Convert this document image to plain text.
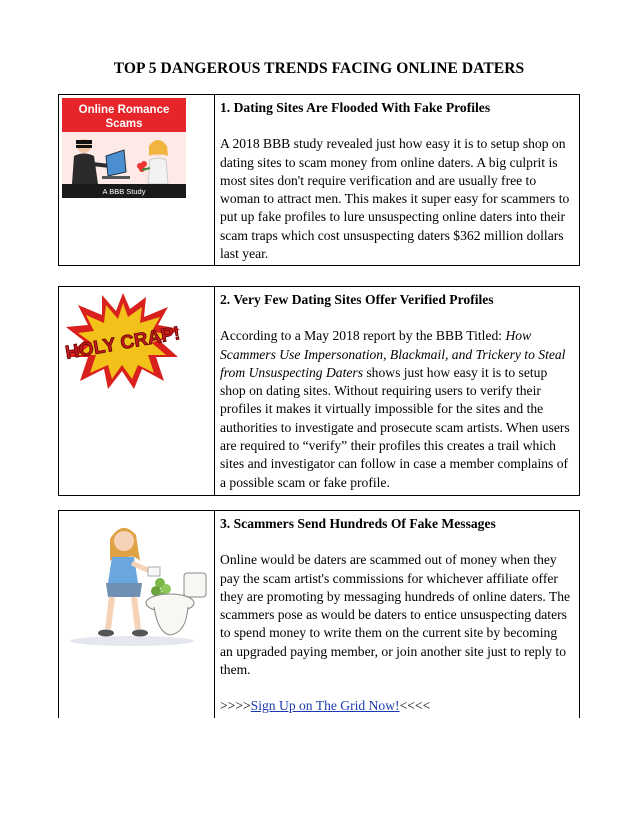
TOP 5 DANGEROUS TRENDS FACING ONLINE DATERS
Online Romance
Scams
A BBB Study

1. Dating Sites Are Flooded With Fake Profiles
A 2018 BBB study revealed just how easy it is to setup shop on dating sites to scam money from online daters. A big culprit is most sites don't require verification and are usually free to woman to attract men. This makes it super easy for scammers to put up fake profiles to lure unsuspecting online daters into their scam traps which cost unsuspecting daters $362 million dollars last year.
HOLY CRAP!

2. Very Few Dating Sites Offer Verified Profiles
According to a May 2018 report by the BBB Titled: How Scammers Use Impersonation, Blackmail, and Trickery to Steal from Unsuspecting Daters shows just how easy it is to setup shop on dating sites. Without requiring users to verify their profiles it makes it virtually impossible for the sites and the authorities to investigate and prosecute scam artists. When users are required to “verify” their profiles this creates a trail which sites and investigator can follow in case a member complains of a possible scam or fake profile.

3. Scammers Send Hundreds Of Fake Messages
Online would be daters are scammed out of money when they pay the scam artist's commissions for whichever affiliate offer they are promoting by messaging hundreds of online daters. The scammers pose as would be daters to entice unsuspecting daters to spend money to write them on the current site by becoming an upgraded paying member, or join another site just to reply to them.
>>>>Sign Up on The Grid Now!<<<<
